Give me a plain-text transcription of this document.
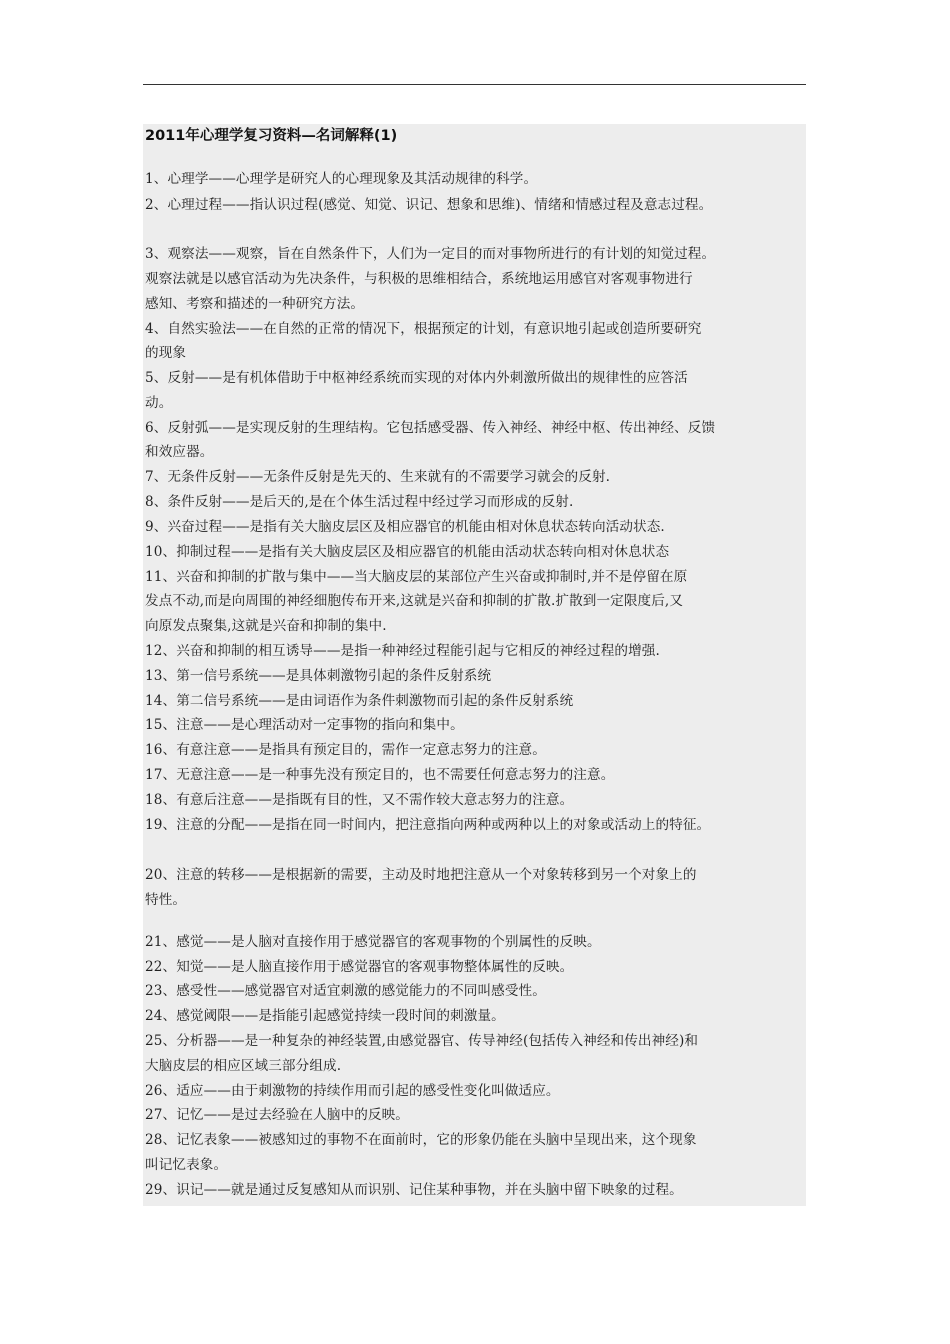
2011年心理学复习资料—名词解释(1)
1、心理学——心理学是研究人的心理现象及其活动规律的科学。
2、心理过程——指认识过程(感觉、知觉、识记、想象和思维)、情绪和情感过程及意志过程。
3、观察法——观察，旨在自然条件下，人们为一定目的而对事物所进行的有计划的知觉过程。
观察法就是以感官活动为先决条件，与积极的思维相结合，系统地运用感官对客观事物进行
感知、考察和描述的一种研究方法。
4、自然实验法——在自然的正常的情况下，根据预定的计划，有意识地引起或创造所要研究
的现象
5、反射——是有机体借助于中枢神经系统而实现的对体内外刺激所做出的规律性的应答活
动。
6、反射弧——是实现反射的生理结构。它包括感受器、传入神经、神经中枢、传出神经、反馈
和效应器。
7、无条件反射——无条件反射是先天的、生来就有的不需要学习就会的反射.
8、条件反射——是后天的,是在个体生活过程中经过学习而形成的反射.
9、兴奋过程——是指有关大脑皮层区及相应器官的机能由相对休息状态转向活动状态.
10、抑制过程——是指有关大脑皮层区及相应器官的机能由活动状态转向相对休息状态
11、兴奋和抑制的扩散与集中——当大脑皮层的某部位产生兴奋或抑制时,并不是停留在原
发点不动,而是向周围的神经细胞传布开来,这就是兴奋和抑制的扩散.扩散到一定限度后,又
向原发点聚集,这就是兴奋和抑制的集中.
12、兴奋和抑制的相互诱导——是指一种神经过程能引起与它相反的神经过程的增强.
13、第一信号系统——是具体刺激物引起的条件反射系统
14、第二信号系统——是由词语作为条件刺激物而引起的条件反射系统
15、注意——是心理活动对一定事物的指向和集中。
16、有意注意——是指具有预定目的，需作一定意志努力的注意。
17、无意注意——是一种事先没有预定目的，也不需要任何意志努力的注意。
18、有意后注意——是指既有目的性，又不需作较大意志努力的注意。
19、注意的分配——是指在同一时间内，把注意指向两种或两种以上的对象或活动上的特征。
20、注意的转移——是根据新的需要，主动及时地把注意从一个对象转移到另一个对象上的
特性。
21、感觉——是人脑对直接作用于感觉器官的客观事物的个别属性的反映。
22、知觉——是人脑直接作用于感觉器官的客观事物整体属性的反映。
23、感受性——感觉器官对适宜刺激的感觉能力的不同叫感受性。
24、感觉阈限——是指能引起感觉持续一段时间的刺激量。
25、分析器——是一种复杂的神经装置,由感觉器官、传导神经(包括传入神经和传出神经)和
大脑皮层的相应区域三部分组成.
26、适应——由于刺激物的持续作用而引起的感受性变化叫做适应。
27、记忆——是过去经验在人脑中的反映。
28、记忆表象——被感知过的事物不在面前时，它的形象仍能在头脑中呈现出来，这个现象
叫记忆表象。
29、识记——就是通过反复感知从而识别、记住某种事物，并在头脑中留下映象的过程。
